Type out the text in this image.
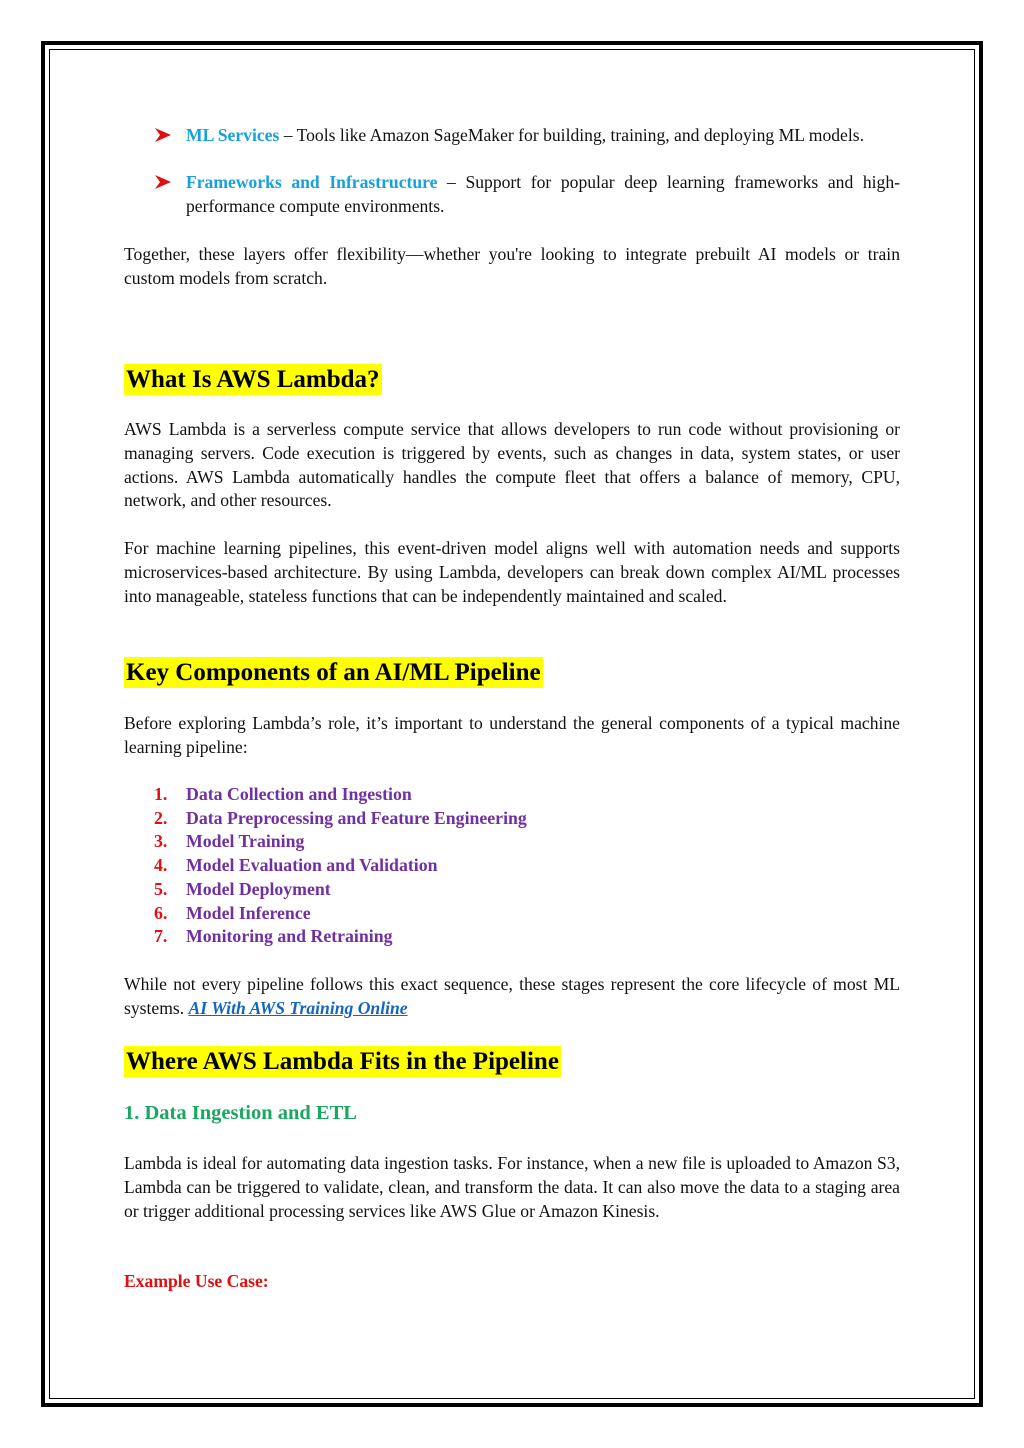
ML Services – Tools like Amazon SageMaker for building, training, and deploying ML models.
Frameworks and Infrastructure – Support for popular deep learning frameworks and high-performance compute environments.

Together, these layers offer flexibility—whether you're looking to integrate prebuilt AI models or train custom models from scratch.

What Is AWS Lambda?

AWS Lambda is a serverless compute service that allows developers to run code without provisioning or managing servers. Code execution is triggered by events, such as changes in data, system states, or user actions. AWS Lambda automatically handles the compute fleet that offers a balance of memory, CPU, network, and other resources.

For machine learning pipelines, this event-driven model aligns well with automation needs and supports microservices-based architecture. By using Lambda, developers can break down complex AI/ML processes into manageable, stateless functions that can be independently maintained and scaled.

Key Components of an AI/ML Pipeline

Before exploring Lambda’s role, it’s important to understand the general components of a typical machine learning pipeline:

1. Data Collection and Ingestion
2. Data Preprocessing and Feature Engineering
3. Model Training
4. Model Evaluation and Validation
5. Model Deployment
6. Model Inference
7. Monitoring and Retraining

While not every pipeline follows this exact sequence, these stages represent the core lifecycle of most ML systems. AI With AWS Training Online

Where AWS Lambda Fits in the Pipeline
1. Data Ingestion and ETL

Lambda is ideal for automating data ingestion tasks. For instance, when a new file is uploaded to Amazon S3, Lambda can be triggered to validate, clean, and transform the data. It can also move the data to a staging area or trigger additional processing services like AWS Glue or Amazon Kinesis.

Example Use Case:
